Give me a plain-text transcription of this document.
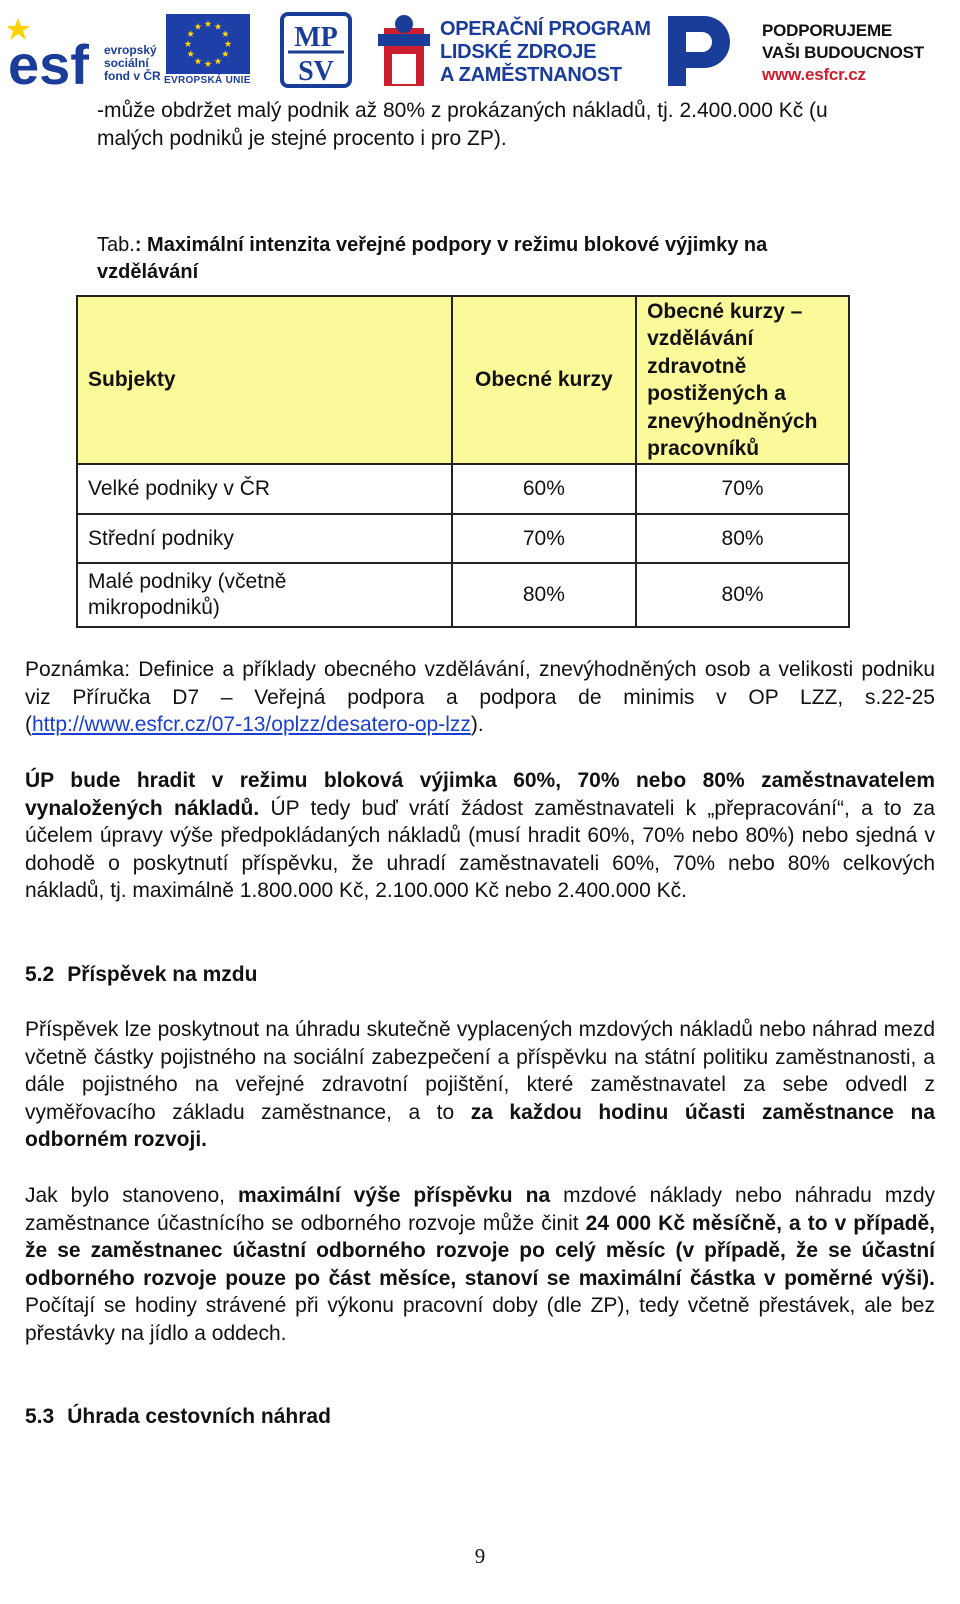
esf evropský
sociální
fond v ČR EVROPSKÁ UNIE
MP
SV
OPERAČNÍ PROGRAM
LIDSKÉ ZDROJE
A ZAMĚSTNANOST
PODPORUJEME
VAŠI BUDOUCNOST
www.esfcr.cz
-může obdržet malý podnik až 80% z prokázaných nákladů, tj. 2.400.000 Kč (u
malých podniků je stejné procento i pro ZP).
Tab.: Maximální intenzita veřejné podpory v režimu blokové výjimky na
vzdělávání
Subjekty	Obecné kurzy	Obecné kurzy – vzdělávání zdravotně postižených a znevýhodněných pracovníků
Velké podniky v ČR	60%	70%
Střední podniky	70%	80%
Malé podniky (včetně mikropodniků)	80%	80%
Poznámka: Definice a příklady obecného vzdělávání, znevýhodněných osob a velikosti podniku viz Příručka D7 – Veřejná podpora a podpora de minimis v OP LZZ, s.22-25 (http://www.esfcr.cz/07-13/oplzz/desatero-op-lzz).
ÚP bude hradit v režimu bloková výjimka 60%, 70% nebo 80% zaměstnavatelem vynaložených nákladů. ÚP tedy buď vrátí žádost zaměstnavateli k „přepracování“, a to za účelem úpravy výše předpokládaných nákladů (musí hradit 60%, 70% nebo 80%) nebo sjedná v dohodě o poskytnutí příspěvku, že uhradí zaměstnavateli 60%, 70% nebo 80% celkových nákladů, tj. maximálně 1.800.000 Kč, 2.100.000 Kč nebo 2.400.000 Kč.
5.2 Příspěvek na mzdu
Příspěvek lze poskytnout na úhradu skutečně vyplacených mzdových nákladů nebo náhrad mezd včetně částky pojistného na sociální zabezpečení a příspěvku na státní politiku zaměstnanosti, a dále pojistného na veřejné zdravotní pojištění, které zaměstnavatel za sebe odvedl z vyměřovacího základu zaměstnance, a to za každou hodinu účasti zaměstnance na odborném rozvoji.
Jak bylo stanoveno, maximální výše příspěvku na mzdové náklady nebo náhradu mzdy zaměstnance účastnícího se odborného rozvoje může činit 24 000 Kč měsíčně, a to v případě, že se zaměstnanec účastní odborného rozvoje po celý měsíc (v případě, že se účastní odborného rozvoje pouze po část měsíce, stanoví se maximální částka v poměrné výši). Počítají se hodiny strávené při výkonu pracovní doby (dle ZP), tedy včetně přestávek, ale bez přestávky na jídlo a oddech.
5.3 Úhrada cestovních náhrad
9
